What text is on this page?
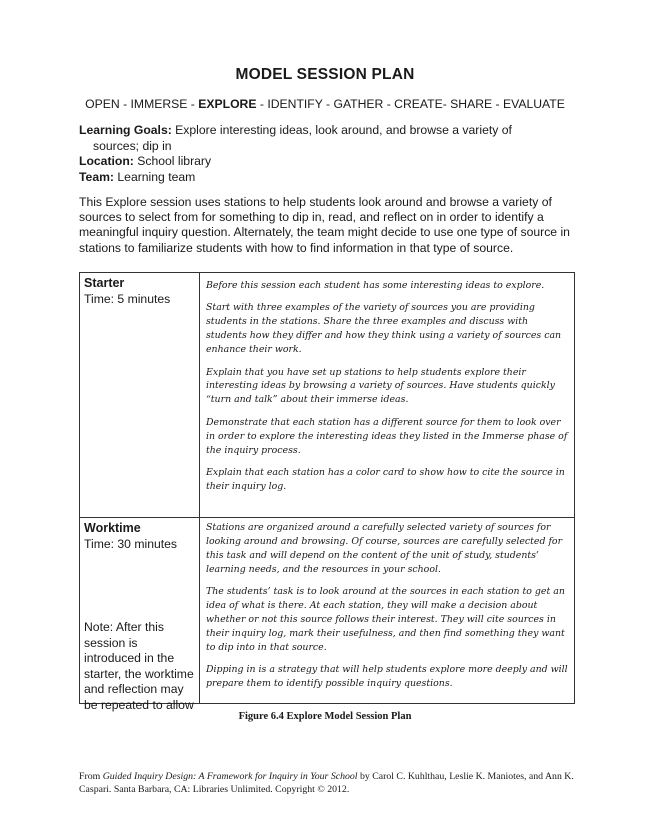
MODEL SESSION PLAN
OPEN - IMMERSE - EXPLORE - IDENTIFY - GATHER - CREATE- SHARE - EVALUATE
Learning Goals: Explore interesting ideas, look around, and browse a variety of
sources; dip in
Location: School library
Team: Learning team
This Explore session uses stations to help students look around and browse a variety of sources to select from for something to dip in, read, and reflect on in order to identify a meaningful inquiry question. Alternately, the team might decide to use one type of source in stations to familiarize students with how to find information in that type of source.
Starter
Time: 5 minutes

Before this session each student has some interesting ideas to explore.

Start with three examples of the variety of sources you are providing students in the stations. Share the three examples and discuss with students how they differ and how they think using a variety of sources can enhance their work.

Explain that you have set up stations to help students explore their interesting ideas by browsing a variety of sources. Have students quickly “turn and talk” about their immerse ideas.

Demonstrate that each station has a different source for them to look over in order to explore the interesting ideas they listed in the Immerse phase of the inquiry process.

Explain that each station has a color card to show how to cite the source in their inquiry log.

Worktime
Time: 30 minutes
Note: After this session is introduced in the starter, the worktime and reflection may be repeated to allow

Stations are organized around a carefully selected variety of sources for looking around and browsing. Of course, sources are carefully selected for this task and will depend on the content of the unit of study, students’ learning needs, and the resources in your school.

The students’ task is to look around at the sources in each station to get an idea of what is there. At each station, they will make a decision about whether or not this source follows their interest. They will cite sources in their inquiry log, mark their usefulness, and then find something they want to dip into in that source.

Dipping in is a strategy that will help students explore more deeply and will prepare them to identify possible inquiry questions.

Figure 6.4 Explore Model Session Plan
From Guided Inquiry Design: A Framework for Inquiry in Your School by Carol C. Kuhlthau, Leslie K. Maniotes, and Ann K. Caspari. Santa Barbara, CA: Libraries Unlimited. Copyright © 2012.
